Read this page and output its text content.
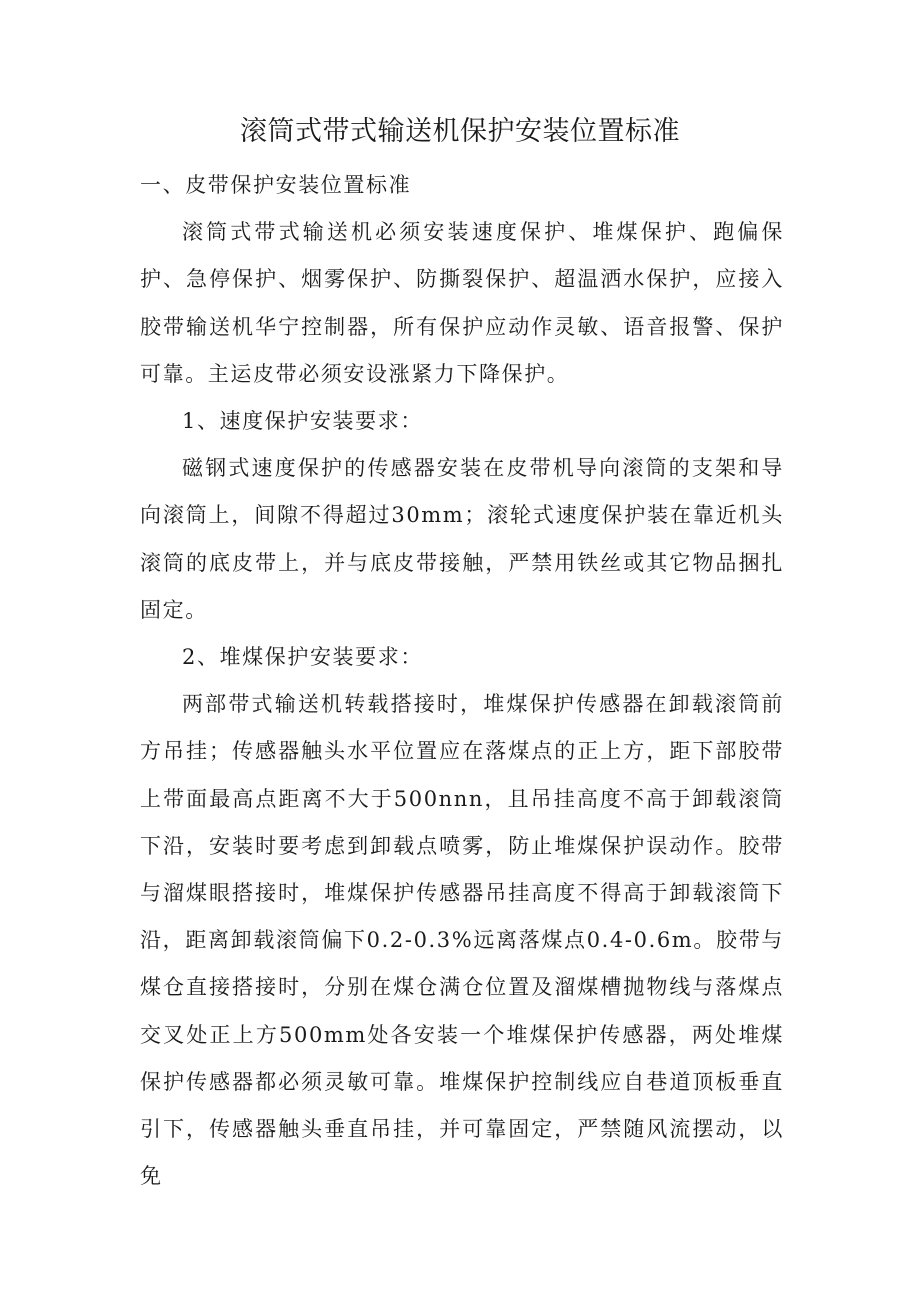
滚筒式带式输送机保护安装位置标准

一、皮带保护安装位置标准

滚筒式带式输送机必须安装速度保护、堆煤保护、跑偏保护、急停保护、烟雾保护、防撕裂保护、超温洒水保护，应接入胶带输送机华宁控制器，所有保护应动作灵敏、语音报警、保护可靠。主运皮带必须安设涨紧力下降保护。

1、速度保护安装要求：

磁钢式速度保护的传感器安装在皮带机导向滚筒的支架和导向滚筒上，间隙不得超过30mm；滚轮式速度保护装在靠近机头滚筒的底皮带上，并与底皮带接触，严禁用铁丝或其它物品捆扎固定。

2、堆煤保护安装要求：

两部带式输送机转载搭接时，堆煤保护传感器在卸载滚筒前方吊挂；传感器触头水平位置应在落煤点的正上方，距下部胶带上带面最高点距离不大于500nnn，且吊挂高度不高于卸载滚筒下沿，安装时要考虑到卸载点喷雾，防止堆煤保护误动作。胶带与溜煤眼搭接时，堆煤保护传感器吊挂高度不得高于卸载滚筒下沿，距离卸载滚筒偏下0.2-0.3%远离落煤点0.4-0.6m。胶带与煤仓直接搭接时，分别在煤仓满仓位置及溜煤槽抛物线与落煤点交叉处正上方500mm处各安装一个堆煤保护传感器，两处堆煤保护传感器都必须灵敏可靠。堆煤保护控制线应自巷道顶板垂直引下，传感器触头垂直吊挂，并可靠固定，严禁随风流摆动，以免
